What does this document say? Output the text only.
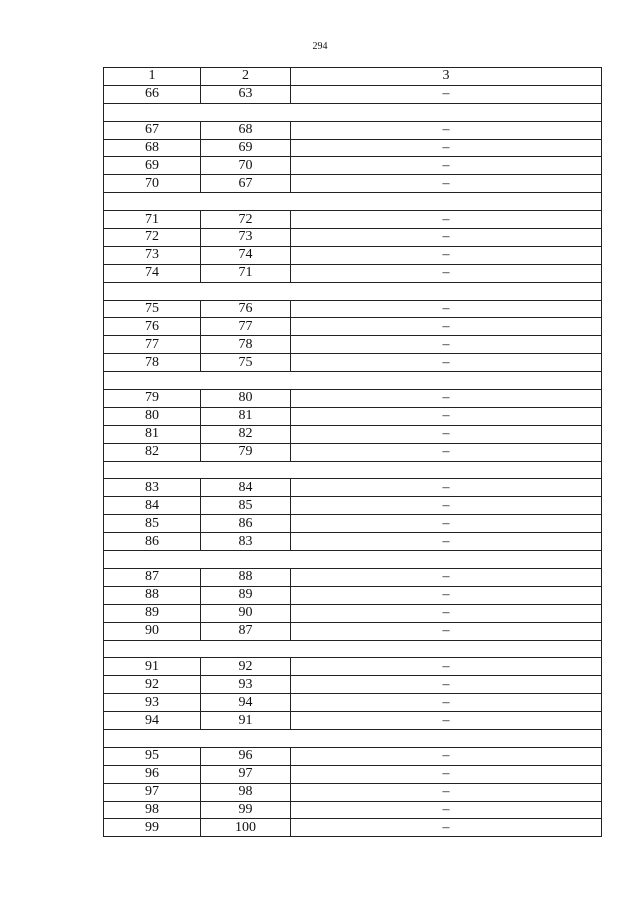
294
1	2	3
66	63	–

67	68	–
68	69	–
69	70	–
70	67	–

71	72	–
72	73	–
73	74	–
74	71	–

75	76	–
76	77	–
77	78	–
78	75	–

79	80	–
80	81	–
81	82	–
82	79	–

83	84	–
84	85	–
85	86	–
86	83	–

87	88	–
88	89	–
89	90	–
90	87	–

91	92	–
92	93	–
93	94	–
94	91	–

95	96	–
96	97	–
97	98	–
98	99	–
99	100	–
